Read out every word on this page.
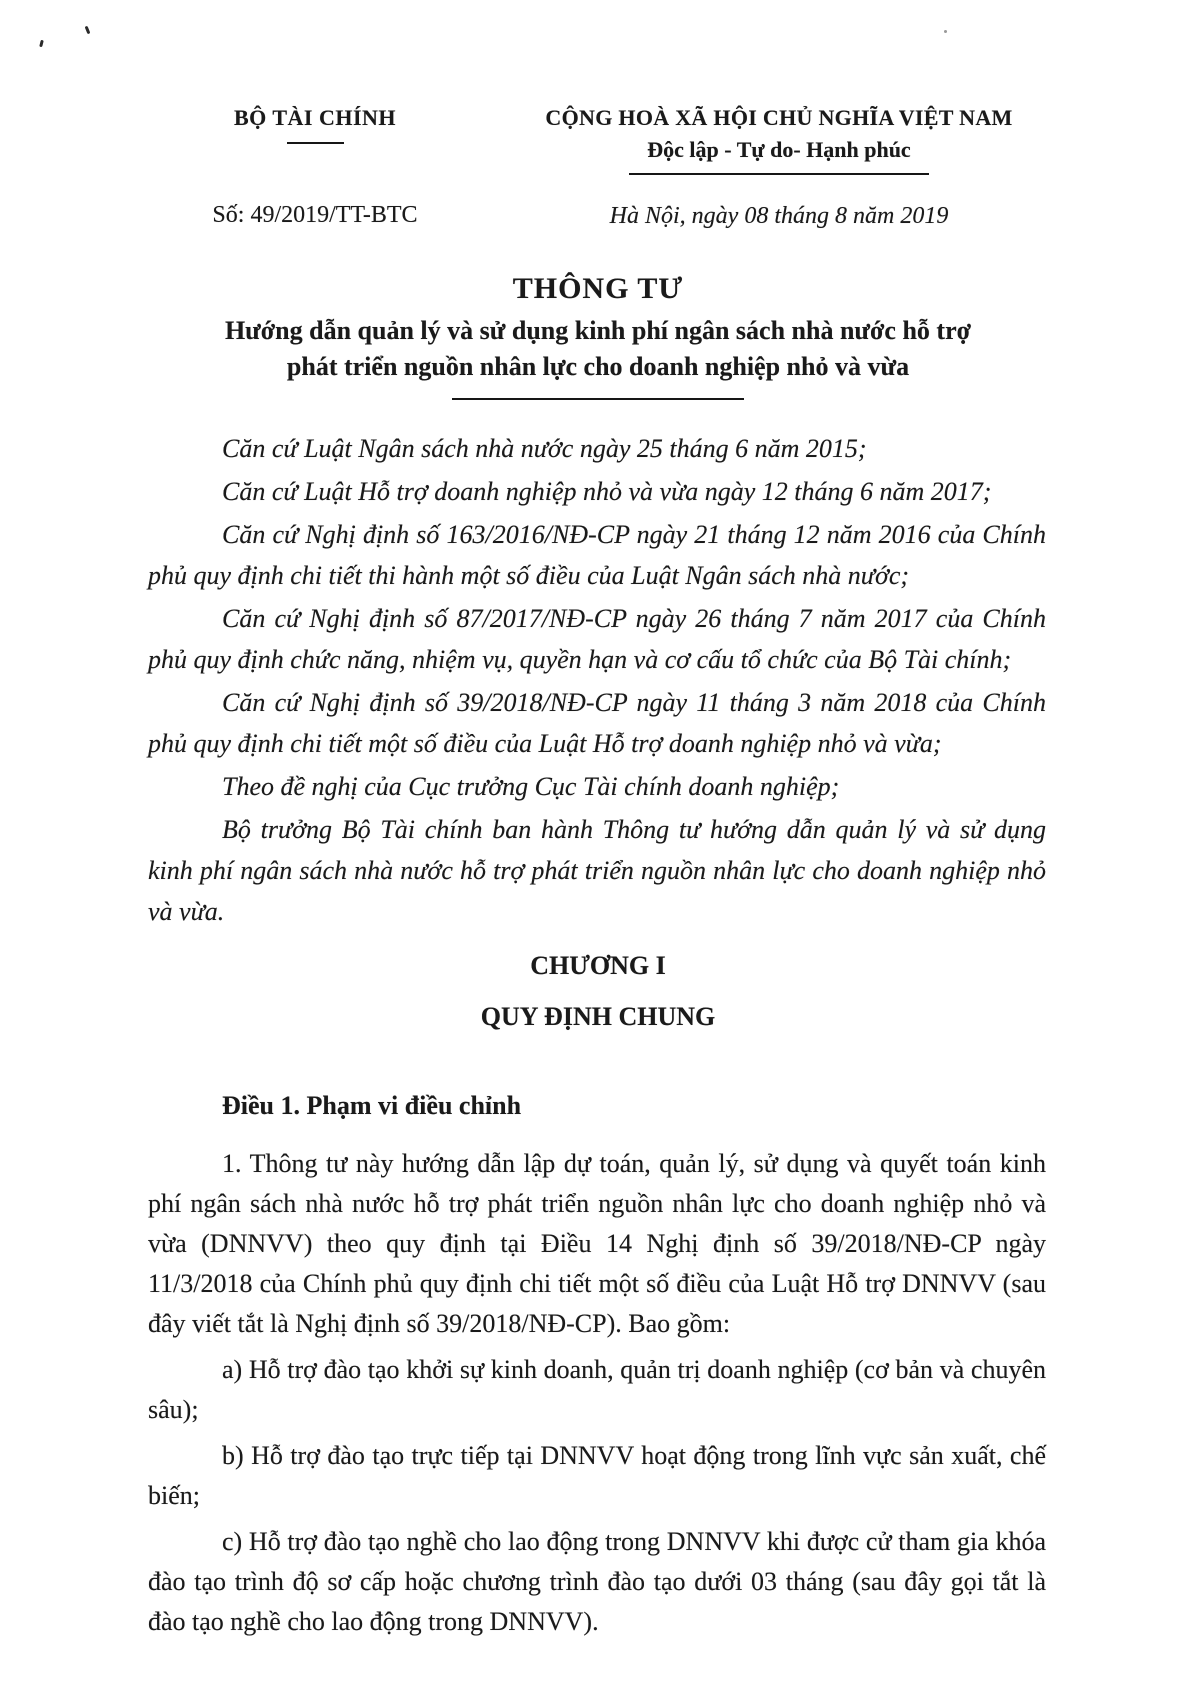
BỘ TÀI CHÍNH
Số: 49/2019/TT-BTC
CỘNG HOÀ XÃ HỘI CHỦ NGHĨA VIỆT NAM
Độc lập - Tự do- Hạnh phúc
Hà Nội, ngày 08 tháng 8 năm 2019
THÔNG TƯ
Hướng dẫn quản lý và sử dụng kinh phí ngân sách nhà nước hỗ trợ
phát triển nguồn nhân lực cho doanh nghiệp nhỏ và vừa

Căn cứ Luật Ngân sách nhà nước ngày 25 tháng 6 năm 2015;

Căn cứ Luật Hỗ trợ doanh nghiệp nhỏ và vừa ngày 12 tháng 6 năm 2017;

Căn cứ Nghị định số 163/2016/NĐ-CP ngày 21 tháng 12 năm 2016 của Chính phủ quy định chi tiết thi hành một số điều của Luật Ngân sách nhà nước;

Căn cứ Nghị định số 87/2017/NĐ-CP ngày 26 tháng 7 năm 2017 của Chính phủ quy định chức năng, nhiệm vụ, quyền hạn và cơ cấu tổ chức của Bộ Tài chính;

Căn cứ Nghị định số 39/2018/NĐ-CP ngày 11 tháng 3 năm 2018 của Chính phủ quy định chi tiết một số điều của Luật Hỗ trợ doanh nghiệp nhỏ và vừa;

Theo đề nghị của Cục trưởng Cục Tài chính doanh nghiệp;

Bộ trưởng Bộ Tài chính ban hành Thông tư hướng dẫn quản lý và sử dụng kinh phí ngân sách nhà nước hỗ trợ phát triển nguồn nhân lực cho doanh nghiệp nhỏ và vừa.

CHƯƠNG I

QUY ĐỊNH CHUNG

Điều 1. Phạm vi điều chỉnh

1. Thông tư này hướng dẫn lập dự toán, quản lý, sử dụng và quyết toán kinh phí ngân sách nhà nước hỗ trợ phát triển nguồn nhân lực cho doanh nghiệp nhỏ và vừa (DNNVV) theo quy định tại Điều 14 Nghị định số 39/2018/NĐ-CP ngày 11/3/2018 của Chính phủ quy định chi tiết một số điều của Luật Hỗ trợ DNNVV (sau đây viết tắt là Nghị định số 39/2018/NĐ-CP). Bao gồm:

a) Hỗ trợ đào tạo khởi sự kinh doanh, quản trị doanh nghiệp (cơ bản và chuyên sâu);

b) Hỗ trợ đào tạo trực tiếp tại DNNVV hoạt động trong lĩnh vực sản xuất, chế biến;

c) Hỗ trợ đào tạo nghề cho lao động trong DNNVV khi được cử tham gia khóa đào tạo trình độ sơ cấp hoặc chương trình đào tạo dưới 03 tháng (sau đây gọi tắt là đào tạo nghề cho lao động trong DNNVV).
